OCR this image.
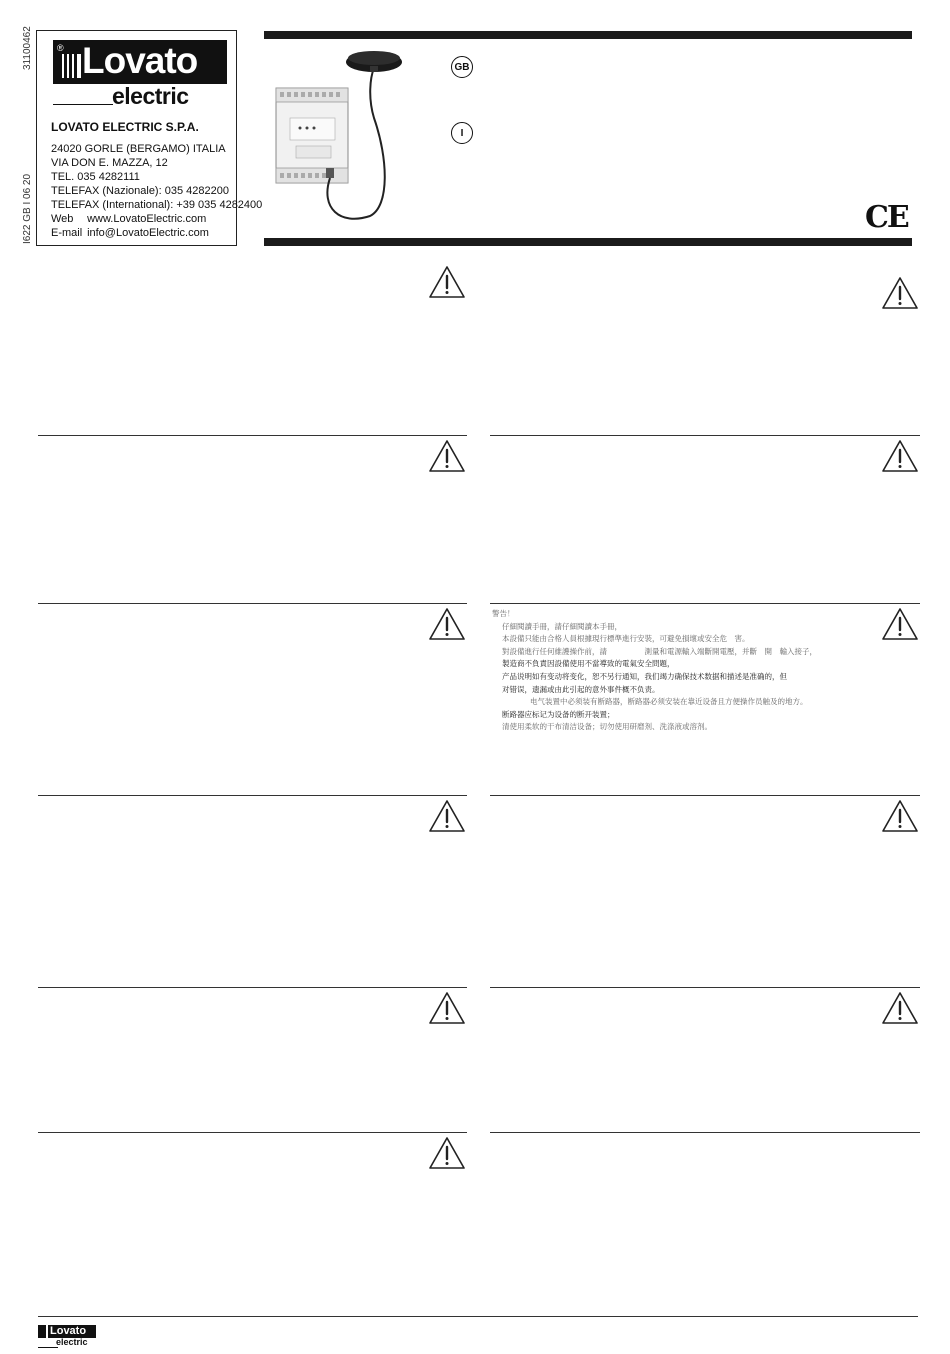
31100462
I622 GB I 06 20
® Lovato
electric
LOVATO ELECTRIC S.P.A.
24020 GORLE (BERGAMO) ITALIA
VIA DON E. MAZZA, 12
TEL. 035 4282111
TELEFAX (Nazionale): 035 4282200
TELEFAX (International): +39 035 4282400
Web www.LovatoElectric.com
E-mail info@LovatoElectric.com
GB
I
CE
警告！
仔細閱讀手冊，請仔細閱讀本手冊，
本設備只能由合格人員根據現行標準進行安裝，可避免損壞或安全危　害。
對設備進行任何維護操作前，請　　　　　測量和電源輸入端斷開電壓，并斷　開　輸入接子，
製造商不負責因設備使用不當導致的電氣安全問題，
产品说明如有变动将变化，恕不另行通知，我们竭力确保技术数据和描述是准确的，但
对错误，遗漏或由此引起的意外事件概不负责。
电气装置中必须装有断路器，断路器必须安装在靠近设备且方便操作员触及的地方。
断路器应标记为设备的断开装置；
清使用柔软的干布清洁设备；切勿使用研磨剂、洗涤液或溶剂。
Lovato
electric
